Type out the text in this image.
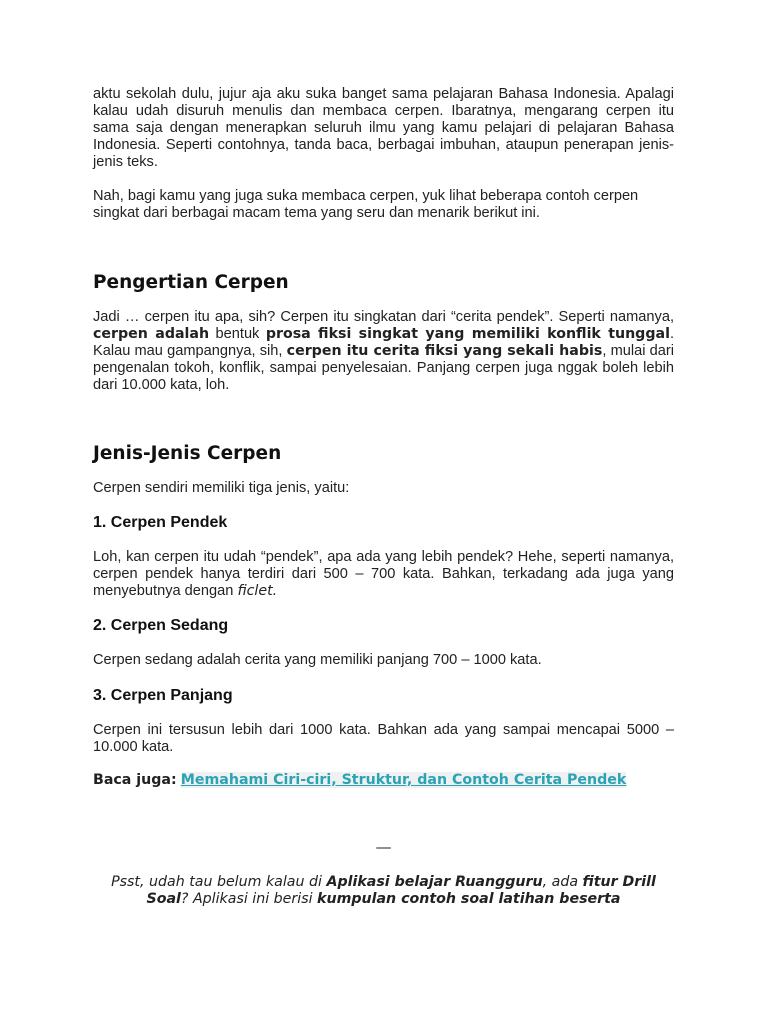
aktu sekolah dulu, jujur aja aku suka banget sama pelajaran Bahasa Indonesia. Apalagi kalau udah disuruh menulis dan membaca cerpen. Ibaratnya, mengarang cerpen itu sama saja dengan menerapkan seluruh ilmu yang kamu pelajari di pelajaran Bahasa Indonesia. Seperti contohnya, tanda baca, berbagai imbuhan, ataupun penerapan jenis-jenis teks.

Nah, bagi kamu yang juga suka membaca cerpen, yuk lihat beberapa contoh cerpen singkat dari berbagai macam tema yang seru dan menarik berikut ini.

Pengertian Cerpen

Jadi … cerpen itu apa, sih? Cerpen itu singkatan dari “cerita pendek”. Seperti namanya, cerpen adalah bentuk prosa fiksi singkat yang memiliki konflik tunggal. Kalau mau gampangnya, sih, cerpen itu cerita fiksi yang sekali habis, mulai dari pengenalan tokoh, konflik, sampai penyelesaian. Panjang cerpen juga nggak boleh lebih dari 10.000 kata, loh.

Jenis-Jenis Cerpen

Cerpen sendiri memiliki tiga jenis, yaitu:

1. Cerpen Pendek

Loh, kan cerpen itu udah “pendek”, apa ada yang lebih pendek? Hehe, seperti namanya, cerpen pendek hanya terdiri dari 500 – 700 kata. Bahkan, terkadang ada juga yang menyebutnya dengan ficlet.

2. Cerpen Sedang

Cerpen sedang adalah cerita yang memiliki panjang 700 – 1000 kata.

3. Cerpen Panjang

Cerpen ini tersusun lebih dari 1000 kata. Bahkan ada yang sampai mencapai 5000 – 10.000 kata.

Baca juga: Memahami Ciri-ciri, Struktur, dan Contoh Cerita Pendek

—

Psst, udah tau belum kalau di Aplikasi belajar Ruangguru, ada fitur Drill Soal? Aplikasi ini berisi kumpulan contoh soal latihan beserta
